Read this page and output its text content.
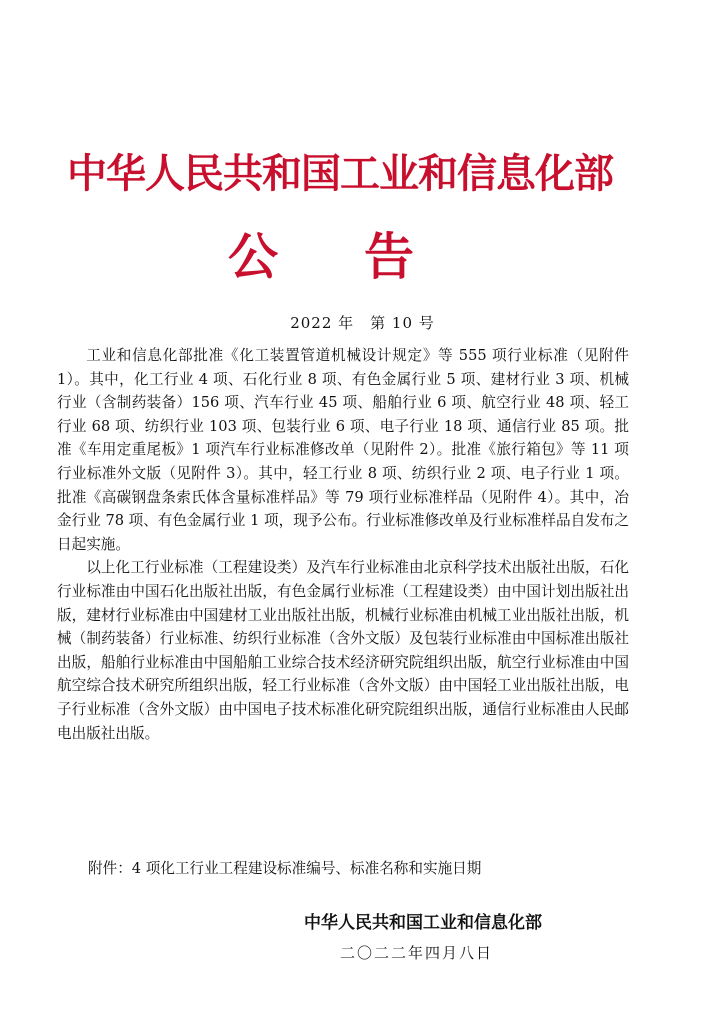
中华人民共和国工业和信息化部
公 告
2022 年　第 10 号

工业和信息化部批准《化工装置管道机械设计规定》等 555 项行业标准（见附件 1）。其中，化工行业 4 项、石化行业 8 项、有色金属行业 5 项、建材行业 3 项、机械行业（含制药装备）156 项、汽车行业 45 项、船舶行业 6 项、航空行业 48 项、轻工行业 68 项、纺织行业 103 项、包装行业 6 项、电子行业 18 项、通信行业 85 项。批准《车用定重尾板》1 项汽车行业标准修改单（见附件 2）。批准《旅行箱包》等 11 项行业标准外文版（见附件 3）。其中，轻工行业 8 项、纺织行业 2 项、电子行业 1 项。批准《高碳钢盘条索氏体含量标准样品》等 79 项行业标准样品（见附件 4）。其中，冶金行业 78 项、有色金属行业 1 项，现予公布。行业标准修改单及行业标准样品自发布之日起实施。

以上化工行业标准（工程建设类）及汽车行业标准由北京科学技术出版社出版，石化行业标准由中国石化出版社出版，有色金属行业标准（工程建设类）由中国计划出版社出版，建材行业标准由中国建材工业出版社出版，机械行业标准由机械工业出版社出版，机械（制药装备）行业标准、纺织行业标准（含外文版）及包装行业标准由中国标准出版社出版，船舶行业标准由中国船舶工业综合技术经济研究院组织出版，航空行业标准由中国航空综合技术研究所组织出版，轻工行业标准（含外文版）由中国轻工业出版社出版，电子行业标准（含外文版）由中国电子技术标准化研究院组织出版，通信行业标准由人民邮电出版社出版。

附件：4 项化工行业工程建设标准编号、标准名称和实施日期
中华人民共和国工业和信息化部
二〇二二年四月八日
